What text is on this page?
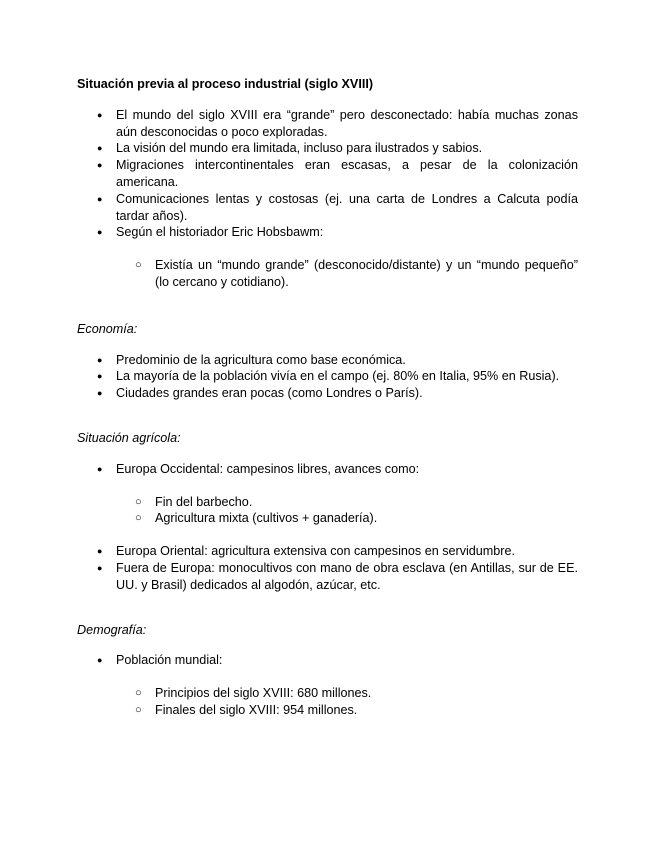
Situación previa al proceso industrial (siglo XVIII)
● El mundo del siglo XVIII era “grande” pero desconectado: había muchas zonas aún desconocidas o poco exploradas.
● La visión del mundo era limitada, incluso para ilustrados y sabios.
● Migraciones intercontinentales eran escasas, a pesar de la colonización americana.
● Comunicaciones lentas y costosas (ej. una carta de Londres a Calcuta podía tardar años).
● Según el historiador Eric Hobsbawm:
○ Existía un “mundo grande” (desconocido/distante) y un “mundo pequeño” (lo cercano y cotidiano).
Economía:
● Predominio de la agricultura como base económica.
● La mayoría de la población vivía en el campo (ej. 80% en Italia, 95% en Rusia).
● Ciudades grandes eran pocas (como Londres o París).
Situación agrícola:
● Europa Occidental: campesinos libres, avances como:
○ Fin del barbecho.
○ Agricultura mixta (cultivos + ganadería).
● Europa Oriental: agricultura extensiva con campesinos en servidumbre.
● Fuera de Europa: monocultivos con mano de obra esclava (en Antillas, sur de EE. UU. y Brasil) dedicados al algodón, azúcar, etc.
Demografía:
● Población mundial:
○ Principios del siglo XVIII: 680 millones.
○ Finales del siglo XVIII: 954 millones.
